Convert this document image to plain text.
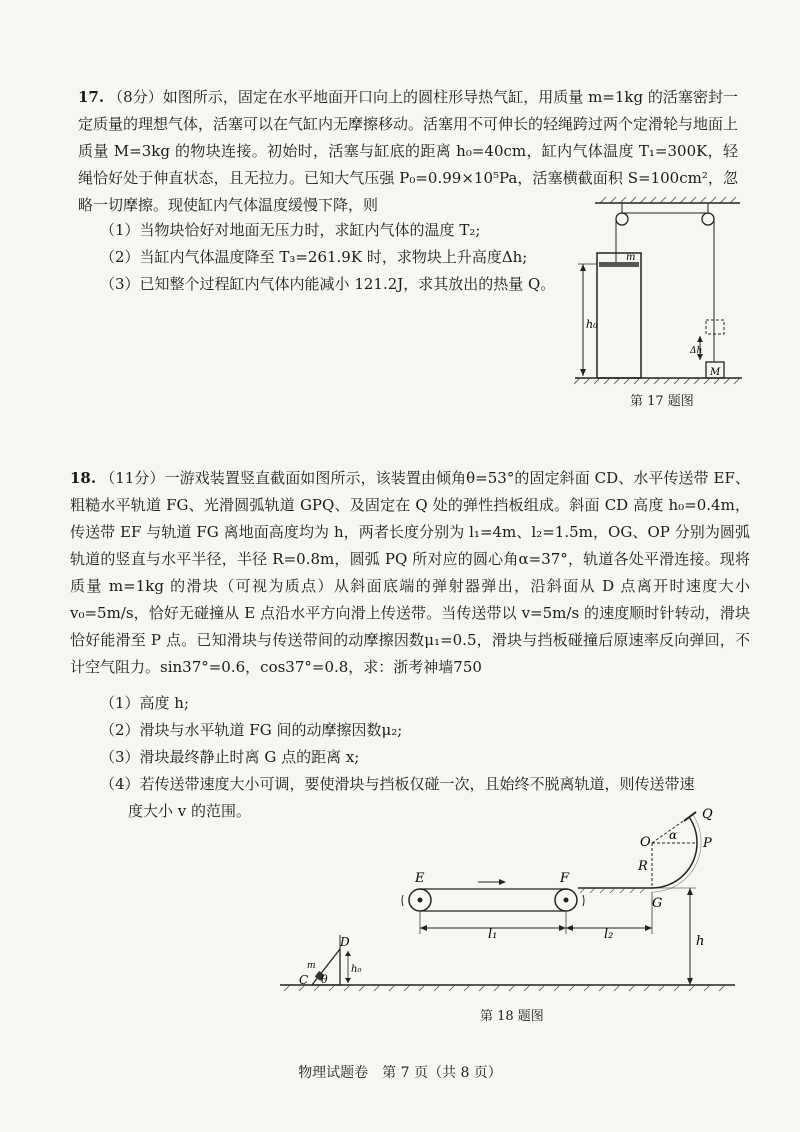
17. （8分）如图所示，固定在水平地面开口向上的圆柱形导热气缸，用质量 m=1kg 的活塞密封一定质量的理想气体，活塞可以在气缸内无摩擦移动。活塞用不可伸长的轻绳跨过两个定滑轮与地面上质量 M=3kg 的物块连接。初始时，活塞与缸底的距离 h₀=40cm，缸内气体温度 T₁=300K，轻绳恰好处于伸直状态，且无拉力。已知大气压强 P₀=0.99×10⁵Pa，活塞横截面积 S=100cm²，忽略一切摩擦。现使缸内气体温度缓慢下降，则
（1）当物块恰好对地面无压力时，求缸内气体的温度 T₂;
（2）当缸内气体温度降至 T₃=261.9K 时，求物块上升高度Δh;
（3）已知整个过程缸内气体内能减小 121.2J，求其放出的热量 Q。
m
h₀
Δh
M
第 17 题图
18. （11分）一游戏装置竖直截面如图所示，该装置由倾角θ=53°的固定斜面 CD、水平传送带 EF、粗糙水平轨道 FG、光滑圆弧轨道 GPQ、及固定在 Q 处的弹性挡板组成。斜面 CD 高度 h₀=0.4m，传送带 EF 与轨道 FG 离地面高度均为 h，两者长度分别为 l₁=4m、l₂=1.5m，OG、OP 分别为圆弧轨道的竖直与水平半径，半径 R=0.8m，圆弧 PQ 所对应的圆心角α=37°，轨道各处平滑连接。现将质量 m=1kg 的滑块（可视为质点）从斜面底端的弹射器弹出，沿斜面从 D 点离开时速度大小 v₀=5m/s，恰好无碰撞从 E 点沿水平方向滑上传送带。当传送带以 v=5m/s 的速度顺时针转动，滑块恰好能滑至 P 点。已知滑块与传送带间的动摩擦因数μ₁=0.5，滑块与挡板碰撞后原速率反向弹回，不计空气阻力。sin37°=0.6，cos37°=0.8，求：浙考神墙750
（1）高度 h;
（2）滑块与水平轨道 FG 间的动摩擦因数μ₂;
（3）滑块最终静止时离 G 点的距离 x;
（4）若传送带速度大小可调，要使滑块与挡板仅碰一次，且始终不脱离轨道，则传送带速
度大小 v 的范围。	Q
O α
P
R
G
E	F
l₁	l₂	h
D
C
m
θ
h₀
第 18 题图
物理试题卷　第 7 页（共 8 页）
